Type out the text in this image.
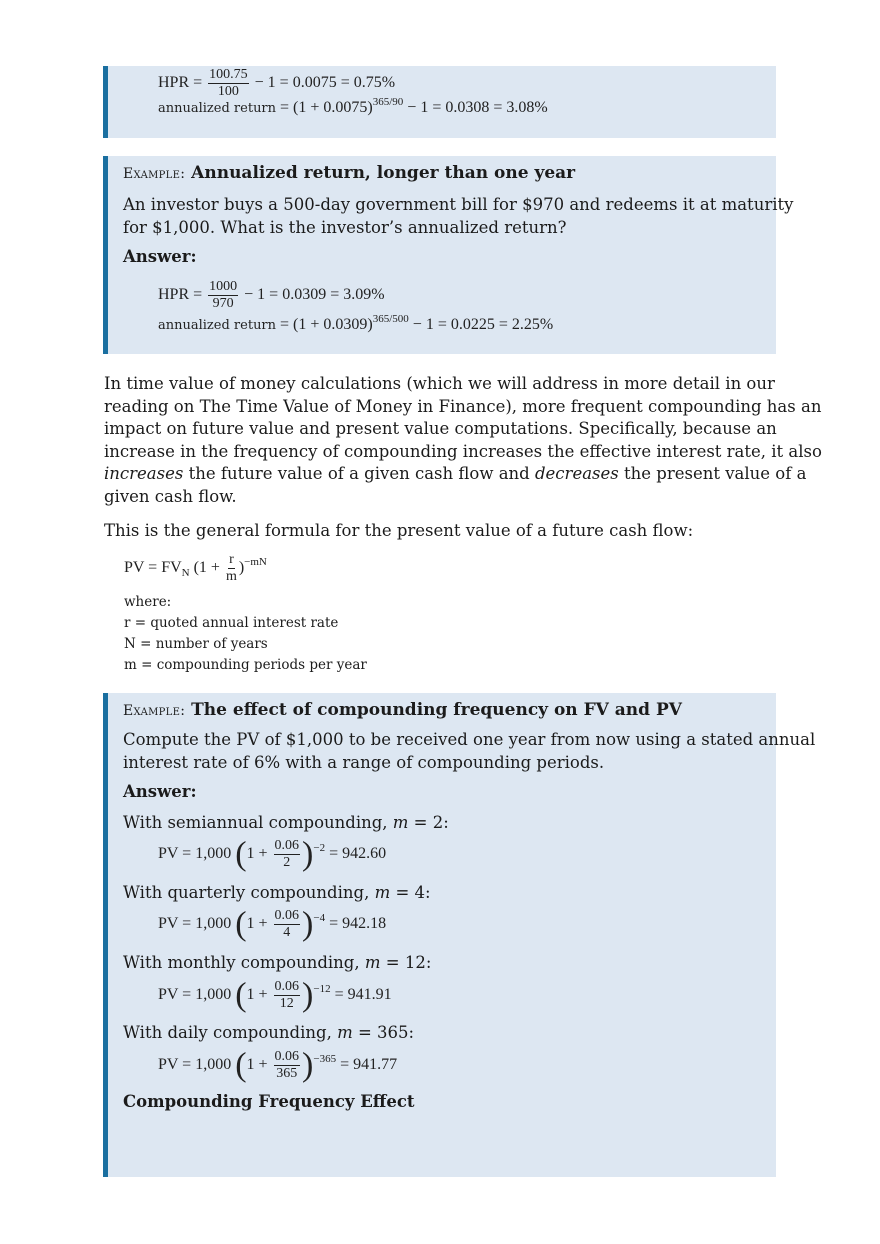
HPR = $\frac{100.75}{100} - 1 = 0.0075 = 0.75\%$
annualized return = $(1 + 0.0075)^{365/90} - 1 = 0.0308 = 3.08\%$
Example: Annualized return, longer than one year
An investor buys a 500-day government bill for $970 and redeems it at maturity
for $1,000. What is the investor’s annualized return?
Answer:
HPR = $\frac{1000}{970} - 1 = 0.0309 = 3.09\%$
annualized return = $(1 + 0.0309)^{365/500} - 1 = 0.0225 = 2.25\%$
In time value of money calculations (which we will address in more detail in our
reading on The Time Value of Money in Finance), more frequent compounding has an
impact on future value and present value computations. Specifically, because an
increase in the frequency of compounding increases the effective interest rate, it also
increases the future value of a given cash flow and decreases the present value of a
given cash flow.
This is the general formula for the present value of a future cash flow:
PV = $FV_N$ $(1 + \frac{r}{m} )^{-mN}$
where:
r = quoted annual interest rate
N = number of years
m = compounding periods per year
Example: The effect of compounding frequency on FV and PV
Compute the PV of $1,000 to be received one year from now using a stated annual
interest rate of 6% with a range of compounding periods.
Answer:
With semiannual compounding, m = 2:
PV = 1,000 $(1 + \frac{0.06}{2} )^{-2} = 942.60$
With quarterly compounding, m = 4:
PV = 1,000 $(1 + \frac{0.06}{4} )^{-4} = 942.18$
With monthly compounding, m = 12:
PV = 1,000 $(1 + \frac{0.06}{12} )^{-12} = 941.91$
With daily compounding, m = 365:
PV = 1,000 $(1 + \frac{0.06}{365} )^{-365} = 941.77$
Compounding Frequency Effect
